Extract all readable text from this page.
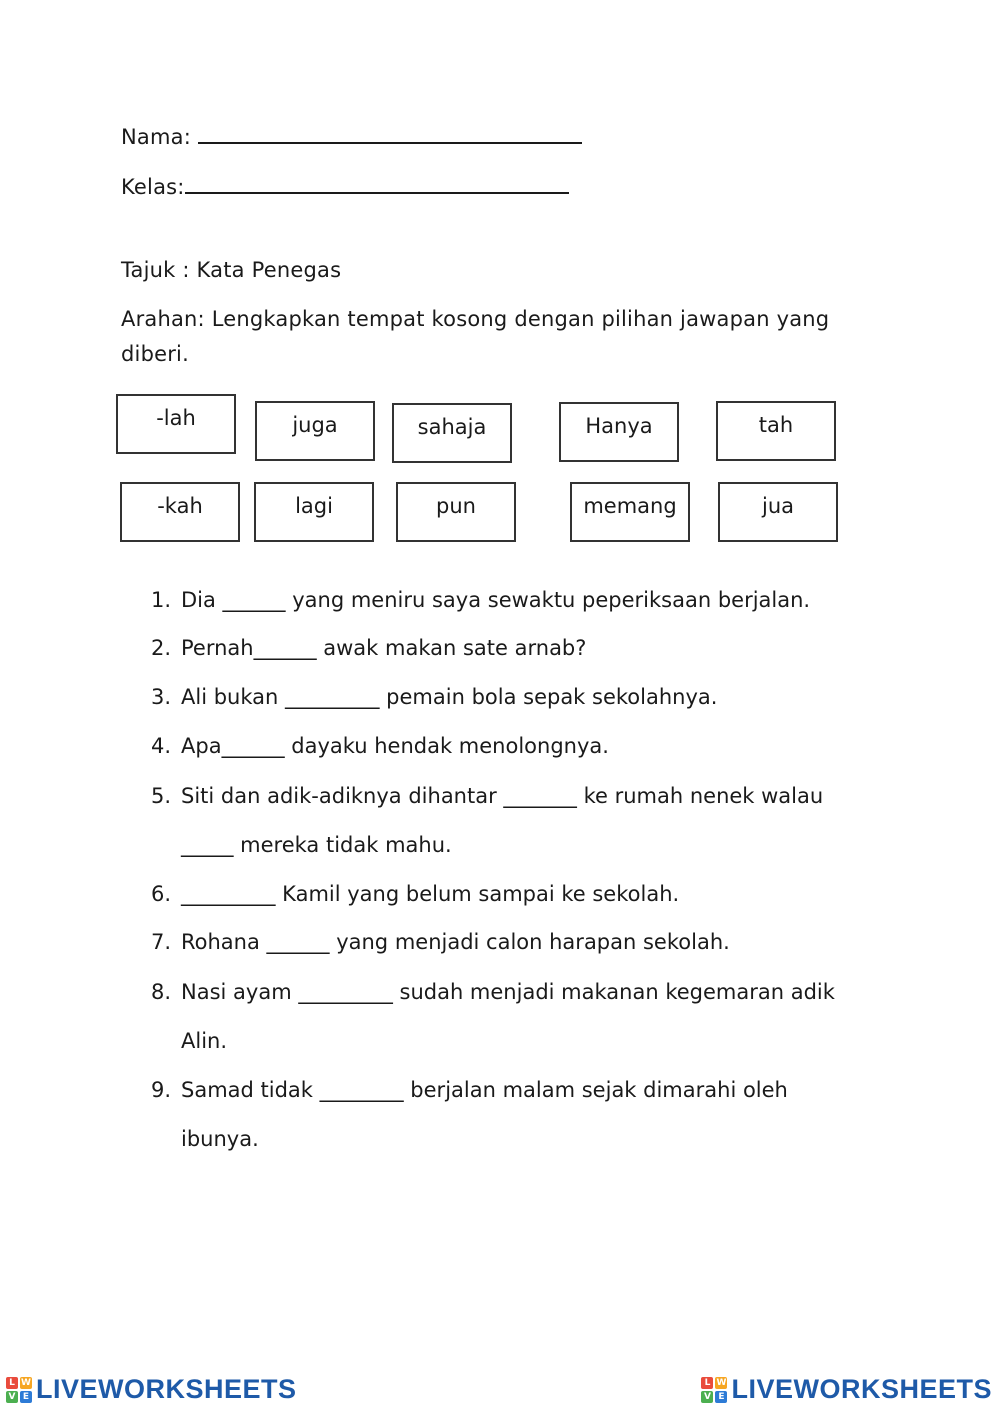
Nama:
Kelas:
Tajuk : Kata Penegas
Arahan: Lengkapkan tempat kosong dengan pilihan jawapan yang
diberi.
-lah	juga	sahaja	Hanya	tah
-kah	lagi	pun	memang	jua
1. Dia ______ yang meniru saya sewaktu peperiksaan berjalan.
2. Pernah______ awak makan sate arnab?
3. Ali bukan _________ pemain bola sepak sekolahnya.
4. Apa______ dayaku hendak menolongnya.
5. Siti dan adik-adiknya dihantar _______ ke rumah nenek walau
_____ mereka tidak mahu.
6. _________ Kamil yang belum sampai ke sekolah.
7. Rohana ______ yang menjadi calon harapan sekolah.
8. Nasi ayam _________ sudah menjadi makanan kegemaran adik
Alin.
9. Samad tidak ________ berjalan malam sejak dimarahi oleh
ibunya.
L W
V E LIVEWORKSHEETS	L W
V E LIVEWORKSHEETS
